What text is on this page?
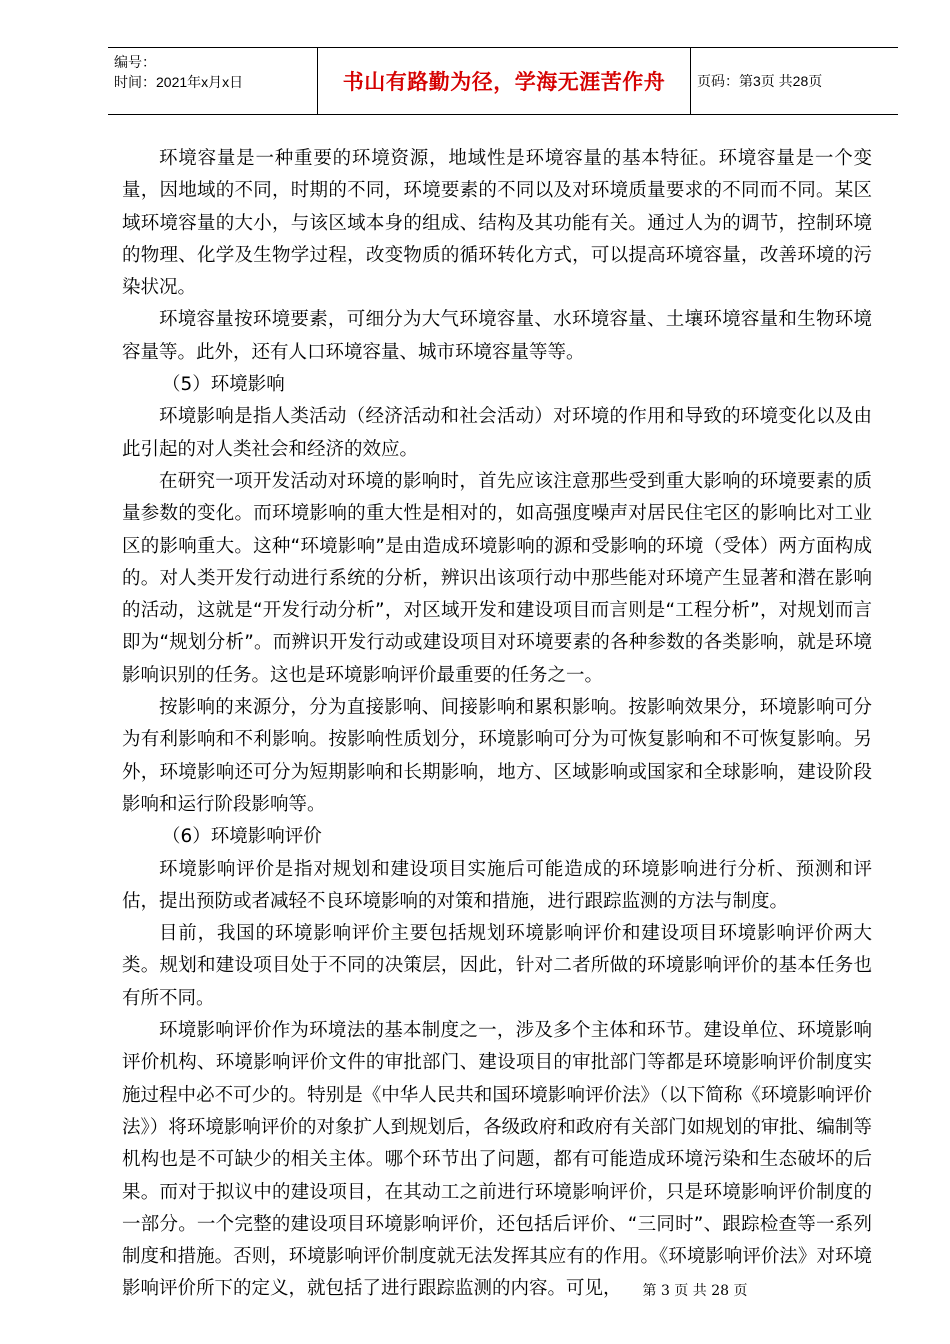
编号：
时间：2021年x月x日	书山有路勤为径，学海无涯苦作舟	页码：第3页 共28页

环境容量是一种重要的环境资源，地域性是环境容量的基本特征。环境容量是一个变量，因地域的不同，时期的不同，环境要素的不同以及对环境质量要求的不同而不同。某区域环境容量的大小，与该区域本身的组成、结构及其功能有关。通过人为的调节，控制环境的物理、化学及生物学过程，改变物质的循环转化方式，可以提高环境容量，改善环境的污染状况。

环境容量按环境要素，可细分为大气环境容量、水环境容量、土壤环境容量和生物环境容量等。此外，还有人口环境容量、城市环境容量等等。

（5）环境影响

环境影响是指人类活动（经济活动和社会活动）对环境的作用和导致的环境变化以及由此引起的对人类社会和经济的效应。

在研究一项开发活动对环境的影响时，首先应该注意那些受到重大影响的环境要素的质量参数的变化。而环境影响的重大性是相对的，如高强度噪声对居民住宅区的影响比对工业区的影响重大。这种“环境影响”是由造成环境影响的源和受影响的环境（受体）两方面构成的。对人类开发行动进行系统的分析，辨识出该项行动中那些能对环境产生显著和潜在影响的活动，这就是“开发行动分析”，对区域开发和建设项目而言则是“工程分析”，对规划而言即为“规划分析”。而辨识开发行动或建设项目对环境要素的各种参数的各类影响，就是环境影响识别的任务。这也是环境影响评价最重要的任务之一。

按影响的来源分，分为直接影响、间接影响和累积影响。按影响效果分，环境影响可分为有利影响和不利影响。按影响性质划分，环境影响可分为可恢复影响和不可恢复影响。另外，环境影响还可分为短期影响和长期影响，地方、区域影响或国家和全球影响，建设阶段影响和运行阶段影响等。

（6）环境影响评价

环境影响评价是指对规划和建设项目实施后可能造成的环境影响进行分析、预测和评估，提出预防或者减轻不良环境影响的对策和措施，进行跟踪监测的方法与制度。

目前，我国的环境影响评价主要包括规划环境影响评价和建设项目环境影响评价两大类。规划和建设项目处于不同的决策层，因此，针对二者所做的环境影响评价的基本任务也有所不同。

环境影响评价作为环境法的基本制度之一，涉及多个主体和环节。建设单位、环境影响评价机构、环境影响评价文件的审批部门、建设项目的审批部门等都是环境影响评价制度实施过程中必不可少的。特别是《中华人民共和国环境影响评价法》（以下简称《环境影响评价法》）将环境影响评价的对象扩人到规划后，各级政府和政府有关部门如规划的审批、编制等机构也是不可缺少的相关主体。哪个环节出了问题，都有可能造成环境污染和生态破坏的后果。而对于拟议中的建设项目，在其动工之前进行环境影响评价，只是环境影响评价制度的一部分。一个完整的建设项目环境影响评价，还包括后评价、“三同时”、跟踪检查等一系列制度和措施。否则，环境影响评价制度就无法发挥其应有的作用。《环境影响评价法》对环境影响评价所下的定义，就包括了进行跟踪监测的内容。可见，	第 3 页 共 28 页
